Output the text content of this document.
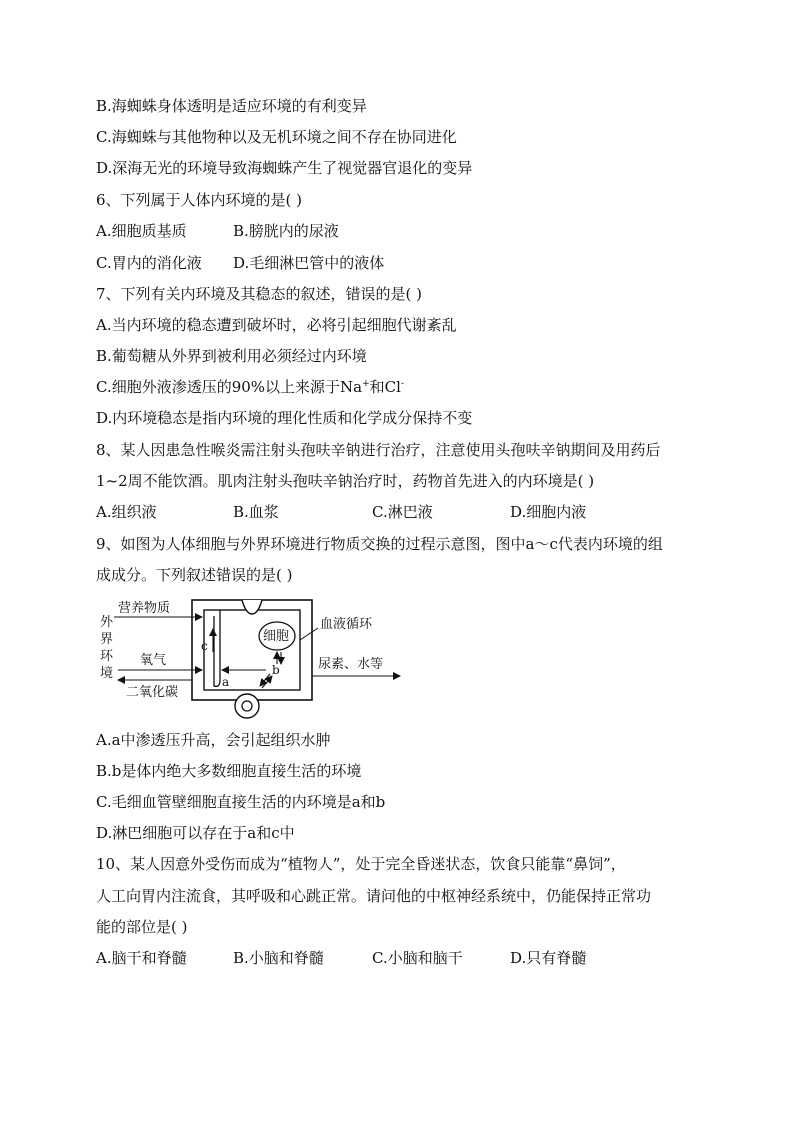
B.海蜘蛛身体透明是适应环境的有利变异
C.海蜘蛛与其他物种以及无机环境之间不存在协同进化
D.深海无光的环境导致海蜘蛛产生了视觉器官退化的变异
6、下列属于人体内环境的是( )
A.细胞质基质	B.膀胱内的尿液
C.胃内的消化液 D.毛细淋巴管中的液体
7、下列有关内环境及其稳态的叙述，错误的是( )
A.当内环境的稳态遭到破坏时，必将引起细胞代谢紊乱
B.葡萄糖从外界到被利用必须经过内环境
C.细胞外液渗透压的90%以上来源于Na+和Cl-
D.内环境稳态是指内环境的理化性质和化学成分保持不变
8、某人因患急性喉炎需注射头孢呋辛钠进行治疗，注意使用头孢呋辛钠期间及用药后
1~2周不能饮酒。肌肉注射头孢呋辛钠治疗时，药物首先进入的内环境是( )
A.组织液	B.血浆	C.淋巴液	D.细胞内液
9、如图为人体细胞与外界环境进行物质交换的过程示意图，图中a～c代表内环境的组
成成分。下列叙述错误的是( )
细胞
a
b
c
营养物质
外
界
环
境
氧气
二氧化碳
血液循环
尿素、水等
A.a中渗透压升高，会引起组织水肿
B.b是体内绝大多数细胞直接生活的环境
C.毛细血管壁细胞直接生活的内环境是a和b
D.淋巴细胞可以存在于a和c中
10、某人因意外受伤而成为“植物人”，处于完全昏迷状态，饮食只能靠“鼻饲”，
人工向胃内注流食，其呼吸和心跳正常。请问他的中枢神经系统中，仍能保持正常功
能的部位是( )
A.脑干和脊髓	B.小脑和脊髓	C.小脑和脑干	D.只有脊髓
